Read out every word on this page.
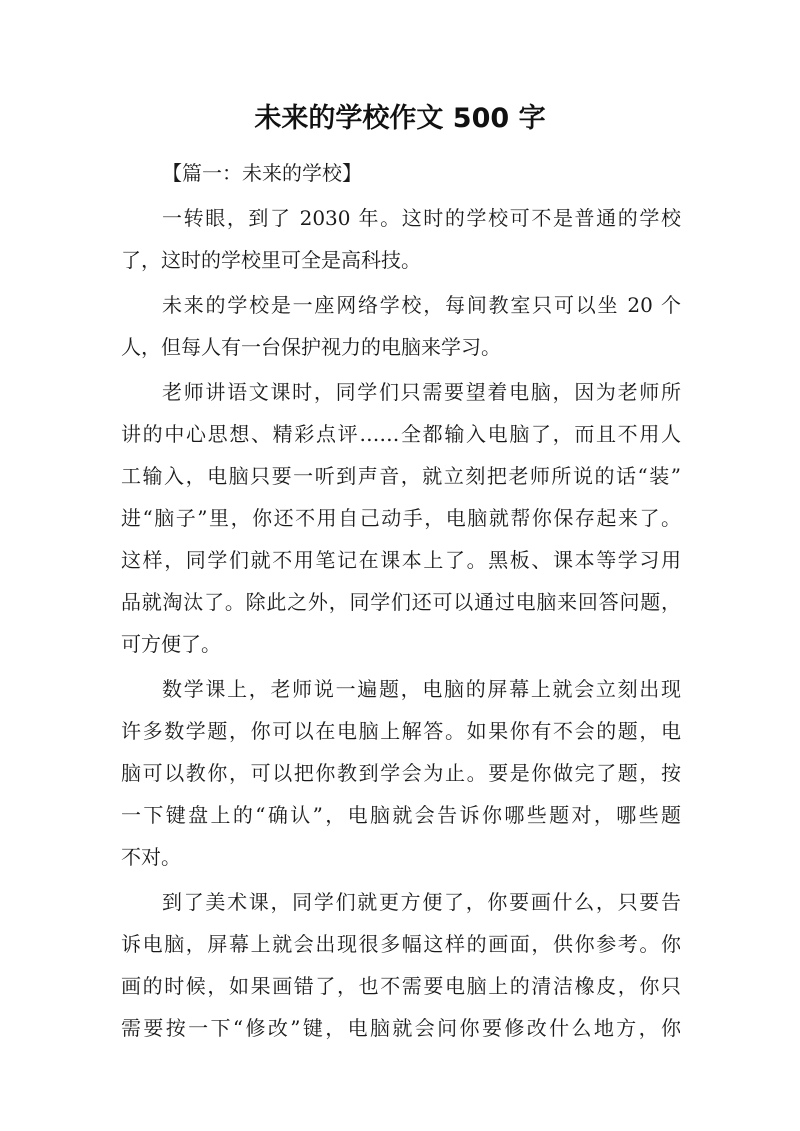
未来的学校作文 500 字

【篇一：未来的学校】

一转眼，到了 2030 年。这时的学校可不是普通的学校

了，这时的学校里可全是高科技。

未来的学校是一座网络学校，每间教室只可以坐 20 个

人，但每人有一台保护视力的电脑来学习。

老师讲语文课时，同学们只需要望着电脑，因为老师所

讲的中心思想、精彩点评……全都输入电脑了，而且不用人

工输入，电脑只要一听到声音，就立刻把老师所说的话“装”

进“脑子”里，你还不用自己动手，电脑就帮你保存起来了。

这样，同学们就不用笔记在课本上了。黑板、课本等学习用

品就淘汰了。除此之外，同学们还可以通过电脑来回答问题，

可方便了。

数学课上，老师说一遍题，电脑的屏幕上就会立刻出现

许多数学题，你可以在电脑上解答。如果你有不会的题，电

脑可以教你，可以把你教到学会为止。要是你做完了题，按

一下键盘上的“确认”，电脑就会告诉你哪些题对，哪些题

不对。

到了美术课，同学们就更方便了，你要画什么，只要告

诉电脑，屏幕上就会出现很多幅这样的画面，供你参考。你

画的时候，如果画错了，也不需要电脑上的清洁橡皮，你只

需要按一下“修改”键，电脑就会问你要修改什么地方，你
